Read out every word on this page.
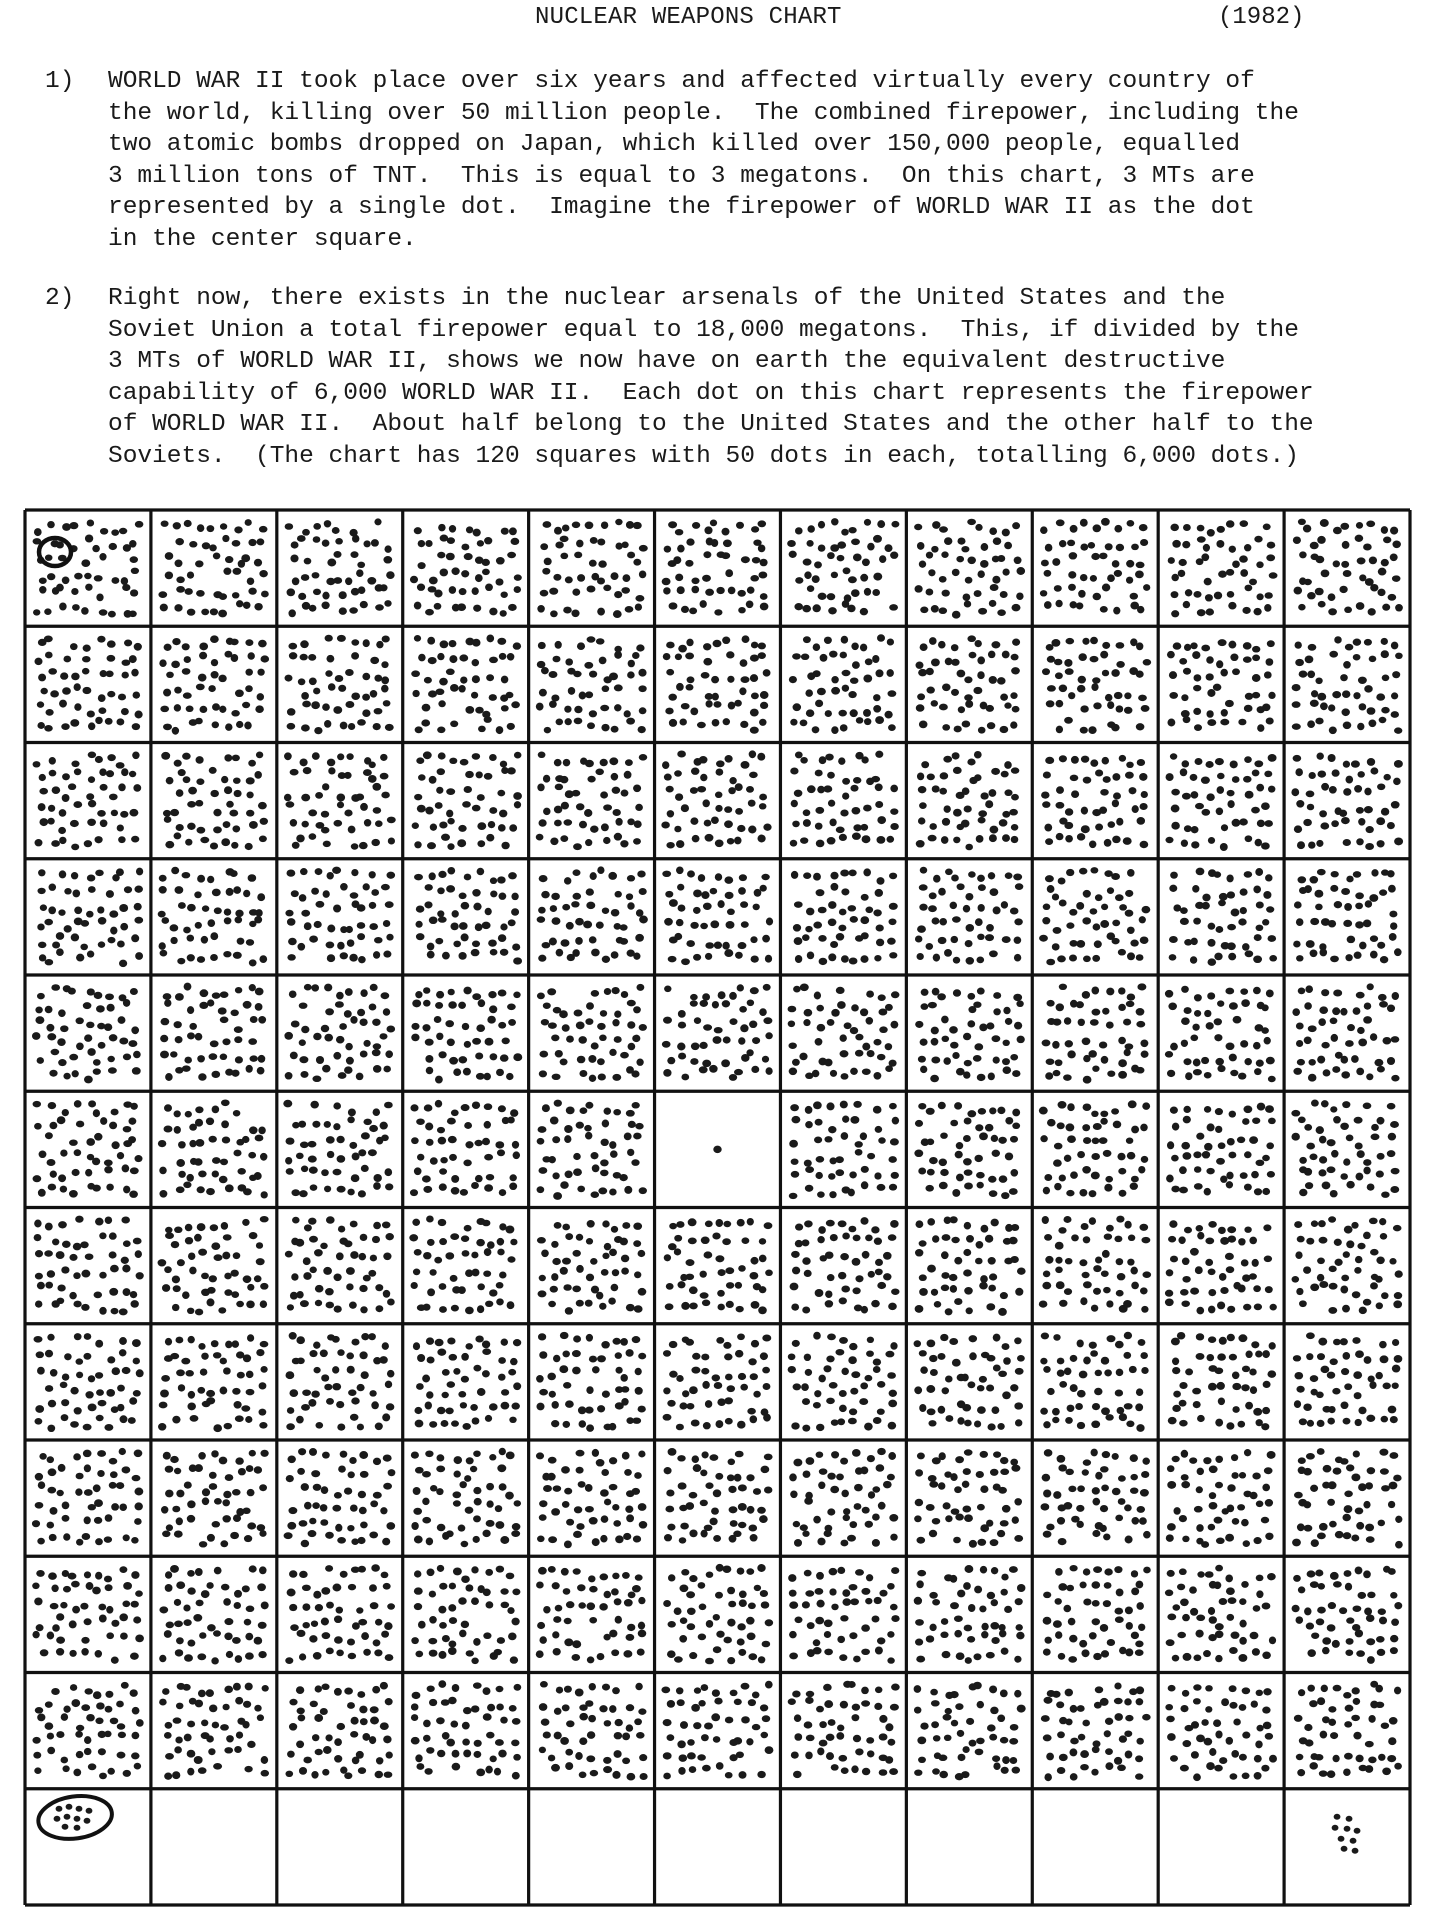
NUCLEAR WEAPONS CHART	(1982)
1)	WORLD WAR II took place over six years and affected virtually every country of
the world, killing over 50 million people.  The combined firepower, including the
two atomic bombs dropped on Japan, which killed over 150,000 people, equalled
3 million tons of TNT.  This is equal to 3 megatons.  On this chart, 3 MTs are
represented by a single dot.  Imagine the firepower of WORLD WAR II as the dot
in the center square.
2)	Right now, there exists in the nuclear arsenals of the United States and the
Soviet Union a total firepower equal to 18,000 megatons.  This, if divided by the
3 MTs of WORLD WAR II, shows we now have on earth the equivalent destructive
capability of 6,000 WORLD WAR II.  Each dot on this chart represents the firepower
of WORLD WAR II.  About half belong to the United States and the other half to the
Soviets.  (The chart has 120 squares with 50 dots in each, totalling 6,000 dots.)
